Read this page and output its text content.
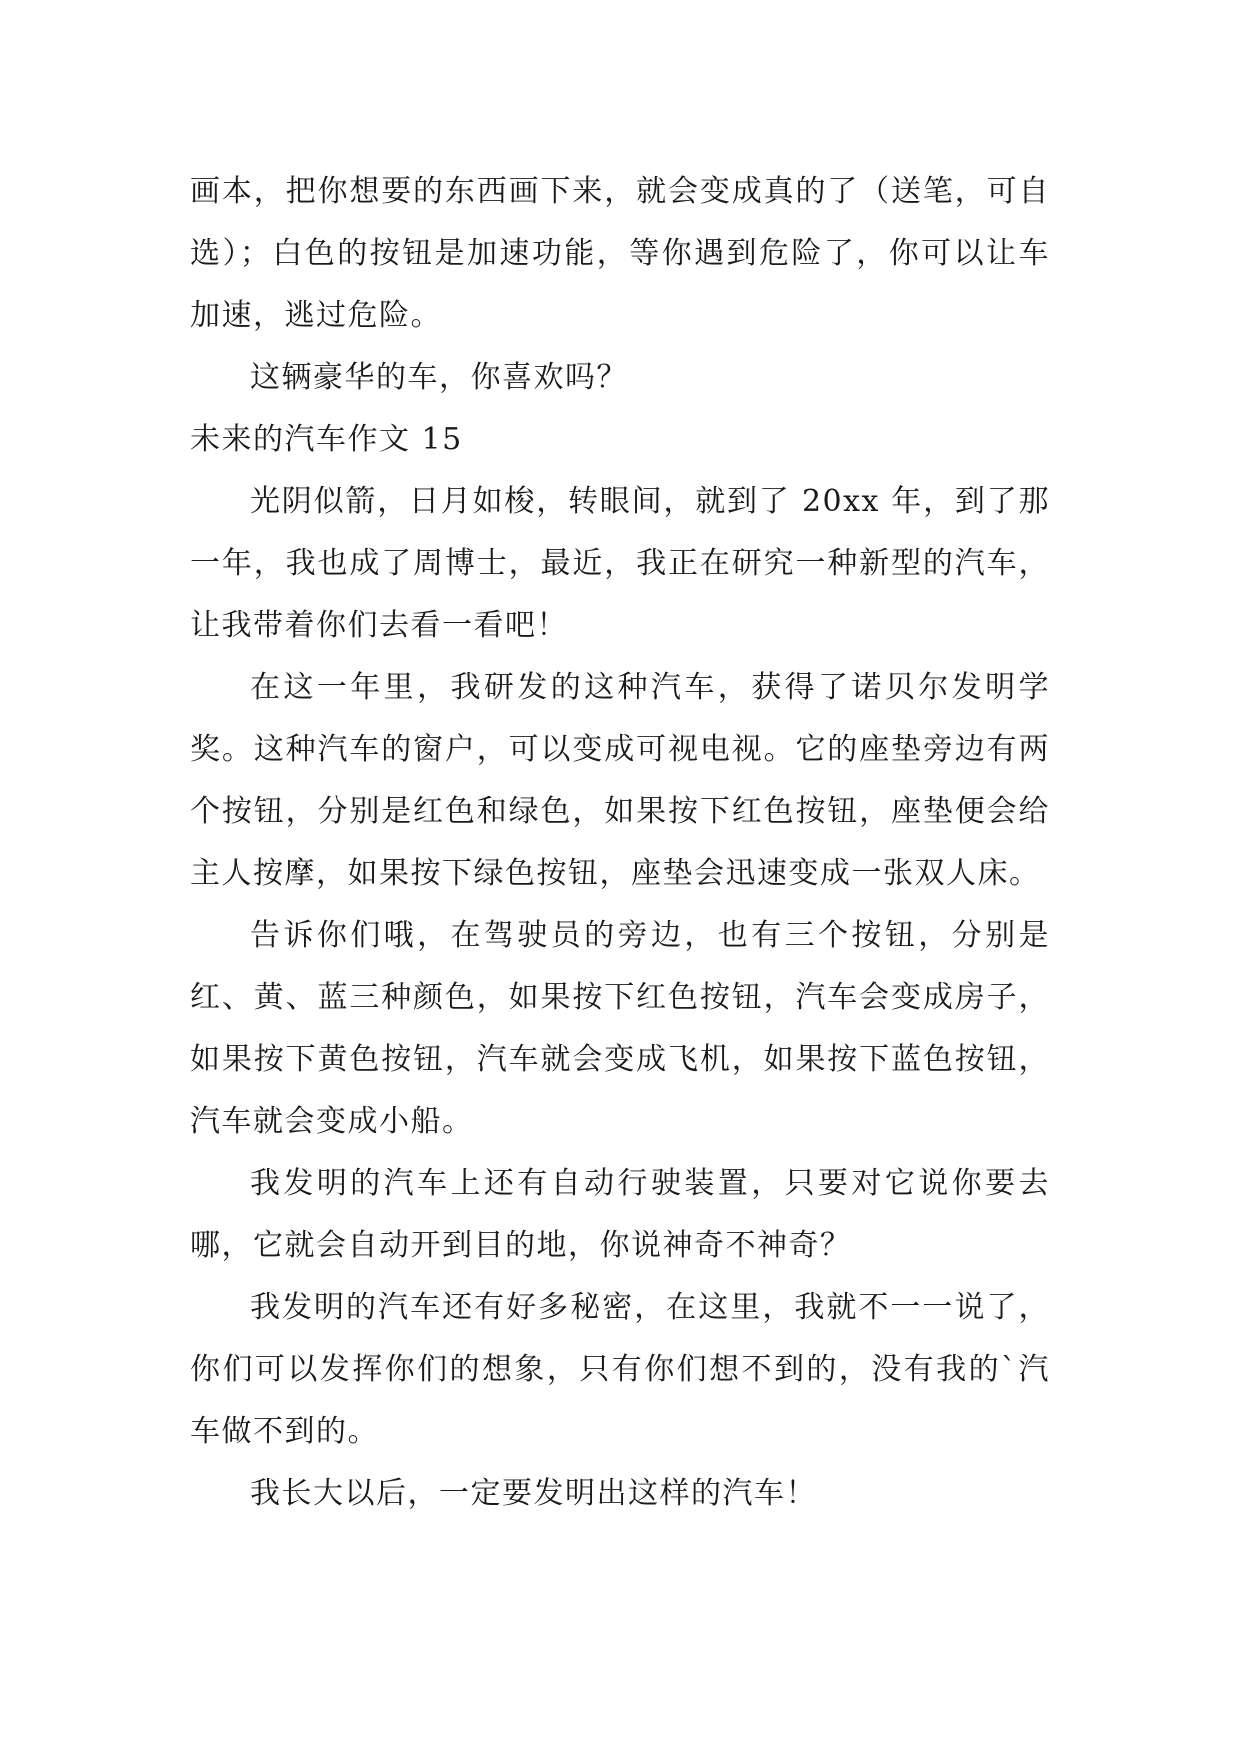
画本，把你想要的东西画下来，就会变成真的了（送笔，可自选）；白色的按钮是加速功能，等你遇到危险了，你可以让车加速，逃过危险。

这辆豪华的车，你喜欢吗？

未来的汽车作文 15

光阴似箭，日月如梭，转眼间，就到了 20xx 年，到了那一年，我也成了周博士，最近，我正在研究一种新型的汽车，让我带着你们去看一看吧！

在这一年里，我研发的这种汽车，获得了诺贝尔发明学奖。这种汽车的窗户，可以变成可视电视。它的座垫旁边有两个按钮，分别是红色和绿色，如果按下红色按钮，座垫便会给主人按摩，如果按下绿色按钮，座垫会迅速变成一张双人床。

告诉你们哦，在驾驶员的旁边，也有三个按钮，分别是红、黄、蓝三种颜色，如果按下红色按钮，汽车会变成房子，如果按下黄色按钮，汽车就会变成飞机，如果按下蓝色按钮，汽车就会变成小船。

我发明的汽车上还有自动行驶装置，只要对它说你要去哪，它就会自动开到目的地，你说神奇不神奇？

我发明的汽车还有好多秘密，在这里，我就不一一说了，你们可以发挥你们的想象，只有你们想不到的，没有我的`汽车做不到的。

我长大以后，一定要发明出这样的汽车！
